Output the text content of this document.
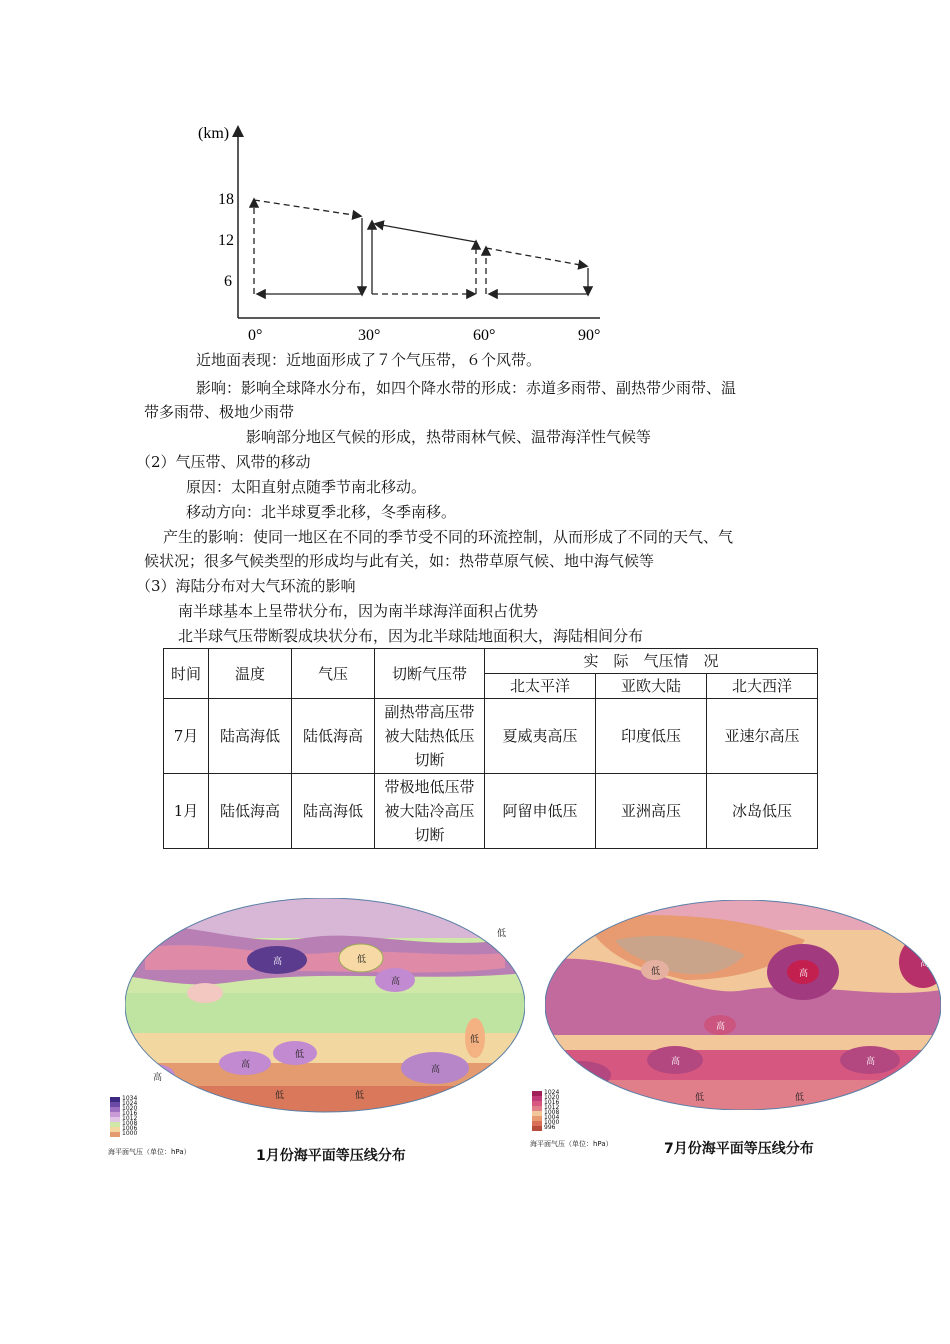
(km)
18
12
6
0°	30°	60°	90°
近地面表现：近地面形成了７个气压带，６个风带。
影响：影响全球降水分布，如四个降水带的形成：赤道多雨带、副热带少雨带、温
带多雨带、极地少雨带
影响部分地区气候的形成，热带雨林气候、温带海洋性气候等
（2）气压带、风带的移动
原因：太阳直射点随季节南北移动。
移动方向：北半球夏季北移，冬季南移。
产生的影响：使同一地区在不同的季节受不同的环流控制，从而形成了不同的天气、气
候状况；很多气候类型的形成均与此有关，如：热带草原气候、地中海气候等
（3）海陆分布对大气环流的影响
南半球基本上呈带状分布，因为南半球海洋面积占优势
北半球气压带断裂成块状分布，因为北半球陆地面积大，海陆相间分布
时间	温度	气压	切断气压带	实　际　气压情　况		
				北太平洋	亚欧大陆	北大西洋
7月	陆高海低	陆低海高	副热带高压带
被大陆热低压
切断	夏威夷高压	印度低压	亚速尔高压
1月	陆低海高	陆高海低	带极地低压带
被大陆冷高压
切断	阿留申低压	亚洲高压	冰岛低压
高	低
高
高	高
高
低
低
低
低	低
1034
1024
1020
1016
1012
1008
1006
1000
海平面气压（单位：hPa）	1月份海平面等压线分布
高
高
高
高
高
高
低
低	低
1024
1020
1016
1012
1008
1004
1000
996
海平面气压（单位：hPa）	7月份海平面等压线分布
